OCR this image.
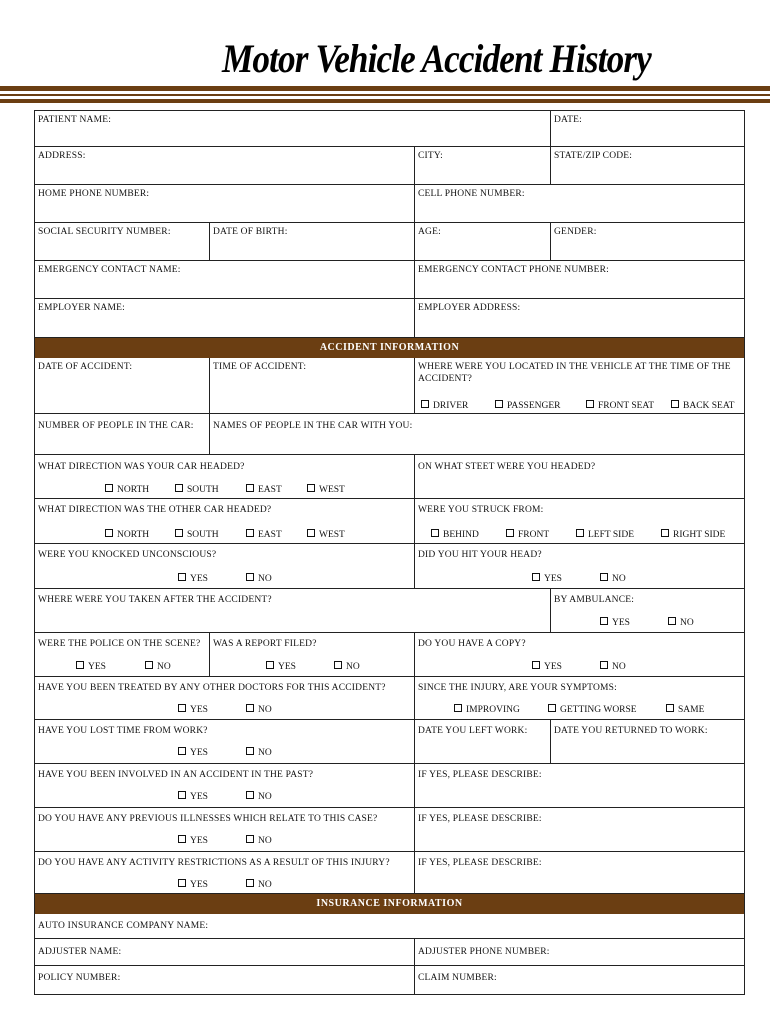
Motor Vehicle Accident History
PATIENT NAME:	DATE:
ADDRESS:	CITY:	STATE/ZIP CODE:
HOME PHONE NUMBER:	CELL PHONE NUMBER:
SOCIAL SECURITY NUMBER:	DATE OF BIRTH:	AGE:	GENDER:
EMERGENCY CONTACT NAME:	EMERGENCY CONTACT PHONE NUMBER:
EMPLOYER NAME:	EMPLOYER ADDRESS:
ACCIDENT INFORMATION
DATE OF ACCIDENT:	TIME OF ACCIDENT:	WHERE WERE YOU LOCATED IN THE VEHICLE AT THE TIME OF THE ACCIDENT?
DRIVER	PASSENGER	FRONT SEAT	BACK SEAT
NUMBER OF PEOPLE IN THE CAR:	NAMES OF PEOPLE IN THE CAR WITH YOU:
WHAT DIRECTION WAS YOUR CAR HEADED?	ON WHAT STEET WERE YOU HEADED?
NORTH	SOUTH	EAST	WEST
WHAT DIRECTION WAS THE OTHER CAR HEADED?	WERE YOU STRUCK FROM:
NORTH	SOUTH	EAST	WEST	BEHIND	FRONT	LEFT SIDE	RIGHT SIDE
WERE YOU KNOCKED UNCONSCIOUS?	DID YOU HIT YOUR HEAD?
YES	NO	YES	NO
WHERE WERE YOU TAKEN AFTER THE ACCIDENT?	BY AMBULANCE:
YES	NO
WERE THE POLICE ON THE SCENE?	WAS A REPORT FILED?	DO YOU HAVE A COPY?
YES	NO	YES	NO	YES	NO
HAVE YOU BEEN TREATED BY ANY OTHER DOCTORS FOR THIS ACCIDENT?	SINCE THE INJURY, ARE YOUR SYMPTOMS:
YES	NO	IMPROVING	GETTING WORSE	SAME
HAVE YOU LOST TIME FROM WORK?	DATE YOU LEFT WORK:	DATE YOU RETURNED TO WORK:
YES	NO
HAVE YOU BEEN INVOLVED IN AN ACCIDENT IN THE PAST?	IF YES, PLEASE DESCRIBE:
YES	NO
DO YOU HAVE ANY PREVIOUS ILLNESSES WHICH RELATE TO THIS CASE?	IF YES, PLEASE DESCRIBE:
YES	NO
DO YOU HAVE ANY ACTIVITY RESTRICTIONS AS A RESULT OF THIS INJURY?	IF YES, PLEASE DESCRIBE:
YES	NO
INSURANCE INFORMATION
AUTO INSURANCE COMPANY NAME:
ADJUSTER NAME:	ADJUSTER PHONE NUMBER:
POLICY NUMBER:	CLAIM NUMBER:
